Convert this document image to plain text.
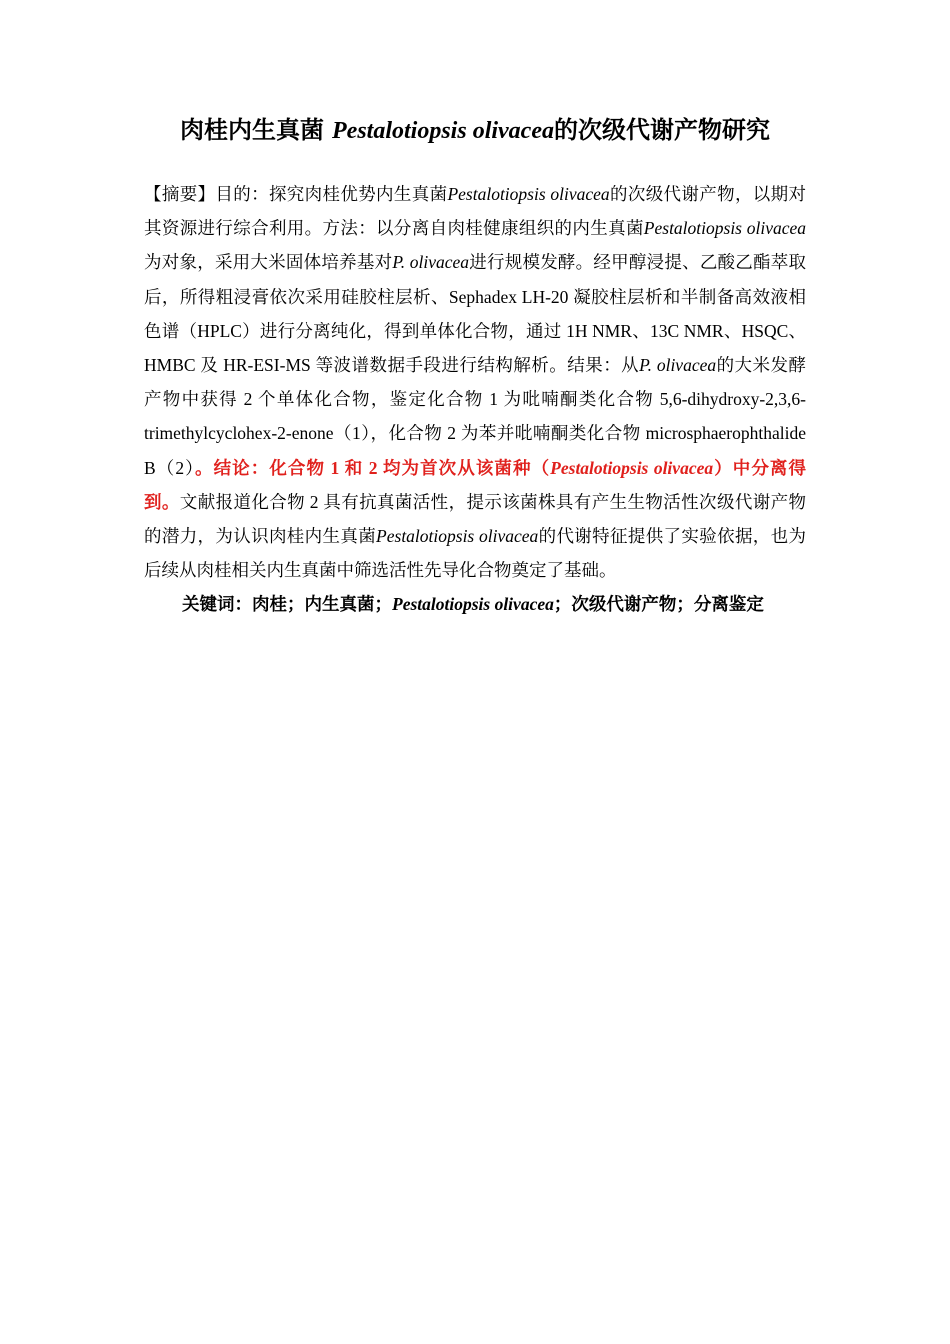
肉桂内生真菌 Pestalotiopsis olivacea的次级代谢产物研究

【摘要】目的：探究肉桂优势内生真菌Pestalotiopsis olivacea的次级代谢产物，以期对其资源进行综合利用。方法：以分离自肉桂健康组织的内生真菌Pestalotiopsis olivacea为对象，采用大米固体培养基对P. olivacea进行规模发酵。经甲醇浸提、乙酸乙酯萃取后，所得粗浸膏依次采用硅胶柱层析、Sephadex LH-20 凝胶柱层析和半制备高效液相色谱（HPLC）进行分离纯化，得到单体化合物，通过 1H NMR、13C NMR、HSQC、HMBC 及 HR-ESI-MS 等波谱数据手段进行结构解析。结果：从P. olivacea的大米发酵产物中获得 2 个单体化合物，鉴定化合物 1 为吡喃酮类化合物 5,6-dihydroxy-2,3,6-trimethylcyclohex-2-enone（1），化合物 2 为苯并吡喃酮类化合物 microsphaerophthalide B（2）。结论：化合物 1 和 2 均为首次从该菌种（Pestalotiopsis olivacea）中分离得到。文献报道化合物 2 具有抗真菌活性，提示该菌株具有产生生物活性次级代谢产物的潜力，为认识肉桂内生真菌Pestalotiopsis olivacea的代谢特征提供了实验依据，也为后续从肉桂相关内生真菌中筛选活性先导化合物奠定了基础。

关键词：肉桂；内生真菌；Pestalotiopsis olivacea；次级代谢产物；分离鉴定
